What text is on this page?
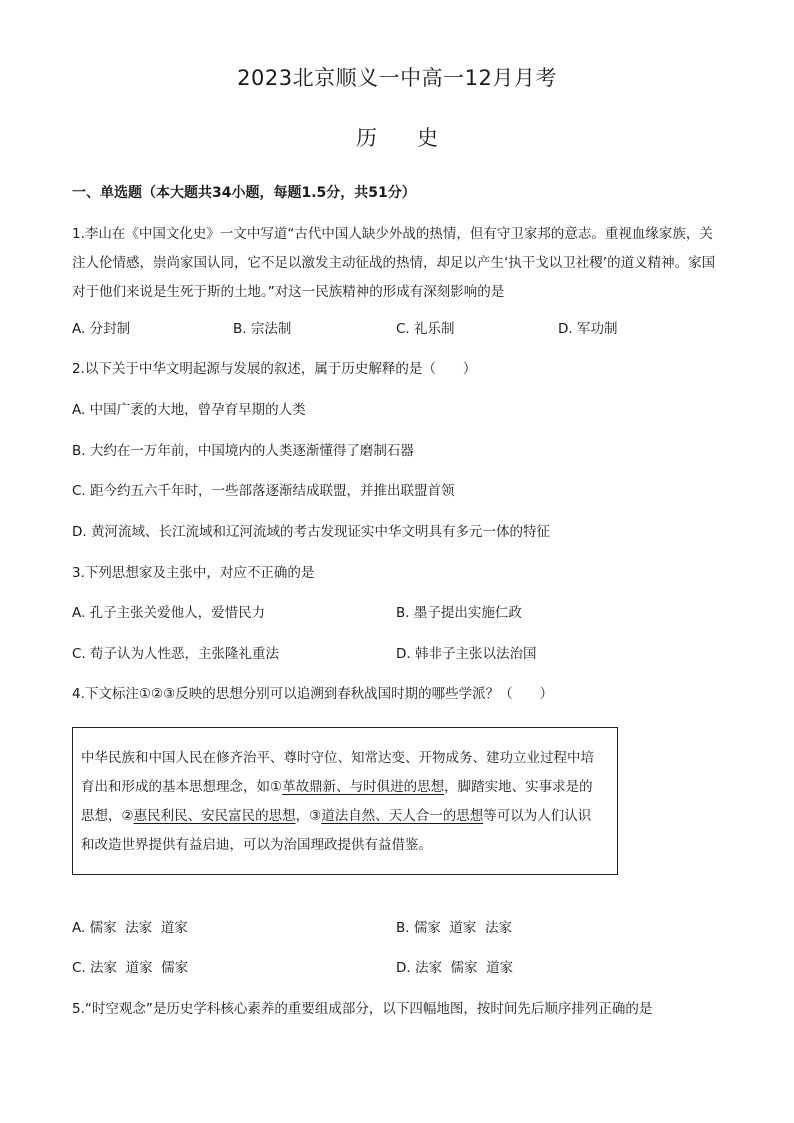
2023北京顺义一中高一12月月考
历史
一、单选题（本大题共34小题，每题1.5分，共51分）
1.李山在《中国文化史》一文中写道“古代中国人缺少外战的热情，但有守卫家邦的意志。重视血缘家族，关注人伦情感，崇尚家国认同，它不足以激发主动征战的热情，却足以产生‘执干戈以卫社稷’的道义精神。家国对于他们来说是生死于斯的土地。”对这一民族精神的形成有深刻影响的是
A. 分封制	B. 宗法制	C. 礼乐制	D. 军功制
2.以下关于中华文明起源与发展的叙述，属于历史解释的是（　　）
A. 中国广袤的大地，曾孕育早期的人类
B. 大约在一万年前，中国境内的人类逐渐懂得了磨制石器
C. 距今约五六千年时，一些部落逐渐结成联盟，并推出联盟首领
D. 黄河流域、长江流域和辽河流域的考古发现证实中华文明具有多元一体的特征
3.下列思想家及主张中，对应不正确的是
A. 孔子主张关爱他人，爱惜民力	B. 墨子提出实施仁政
C. 荀子认为人性恶，主张隆礼重法	D. 韩非子主张以法治国
4.下文标注①②③反映的思想分别可以追溯到春秋战国时期的哪些学派？（　　）
中华民族和中国人民在修齐治平、尊时守位、知常达变、开物成务、建功立业过程中培育出和形成的基本思想理念，如①革故鼎新、与时俱进的思想，脚踏实地、实事求是的思想，②惠民利民、安民富民的思想，③道法自然、天人合一的思想等可以为人们认识和改造世界提供有益启迪，可以为治国理政提供有益借鉴。
A. 儒家  法家  道家	B. 儒家  道家  法家
C. 法家  道家  儒家	D. 法家  儒家  道家
5.“时空观念”是历史学科核心素养的重要组成部分，以下四幅地图，按时间先后顺序排列正确的是
